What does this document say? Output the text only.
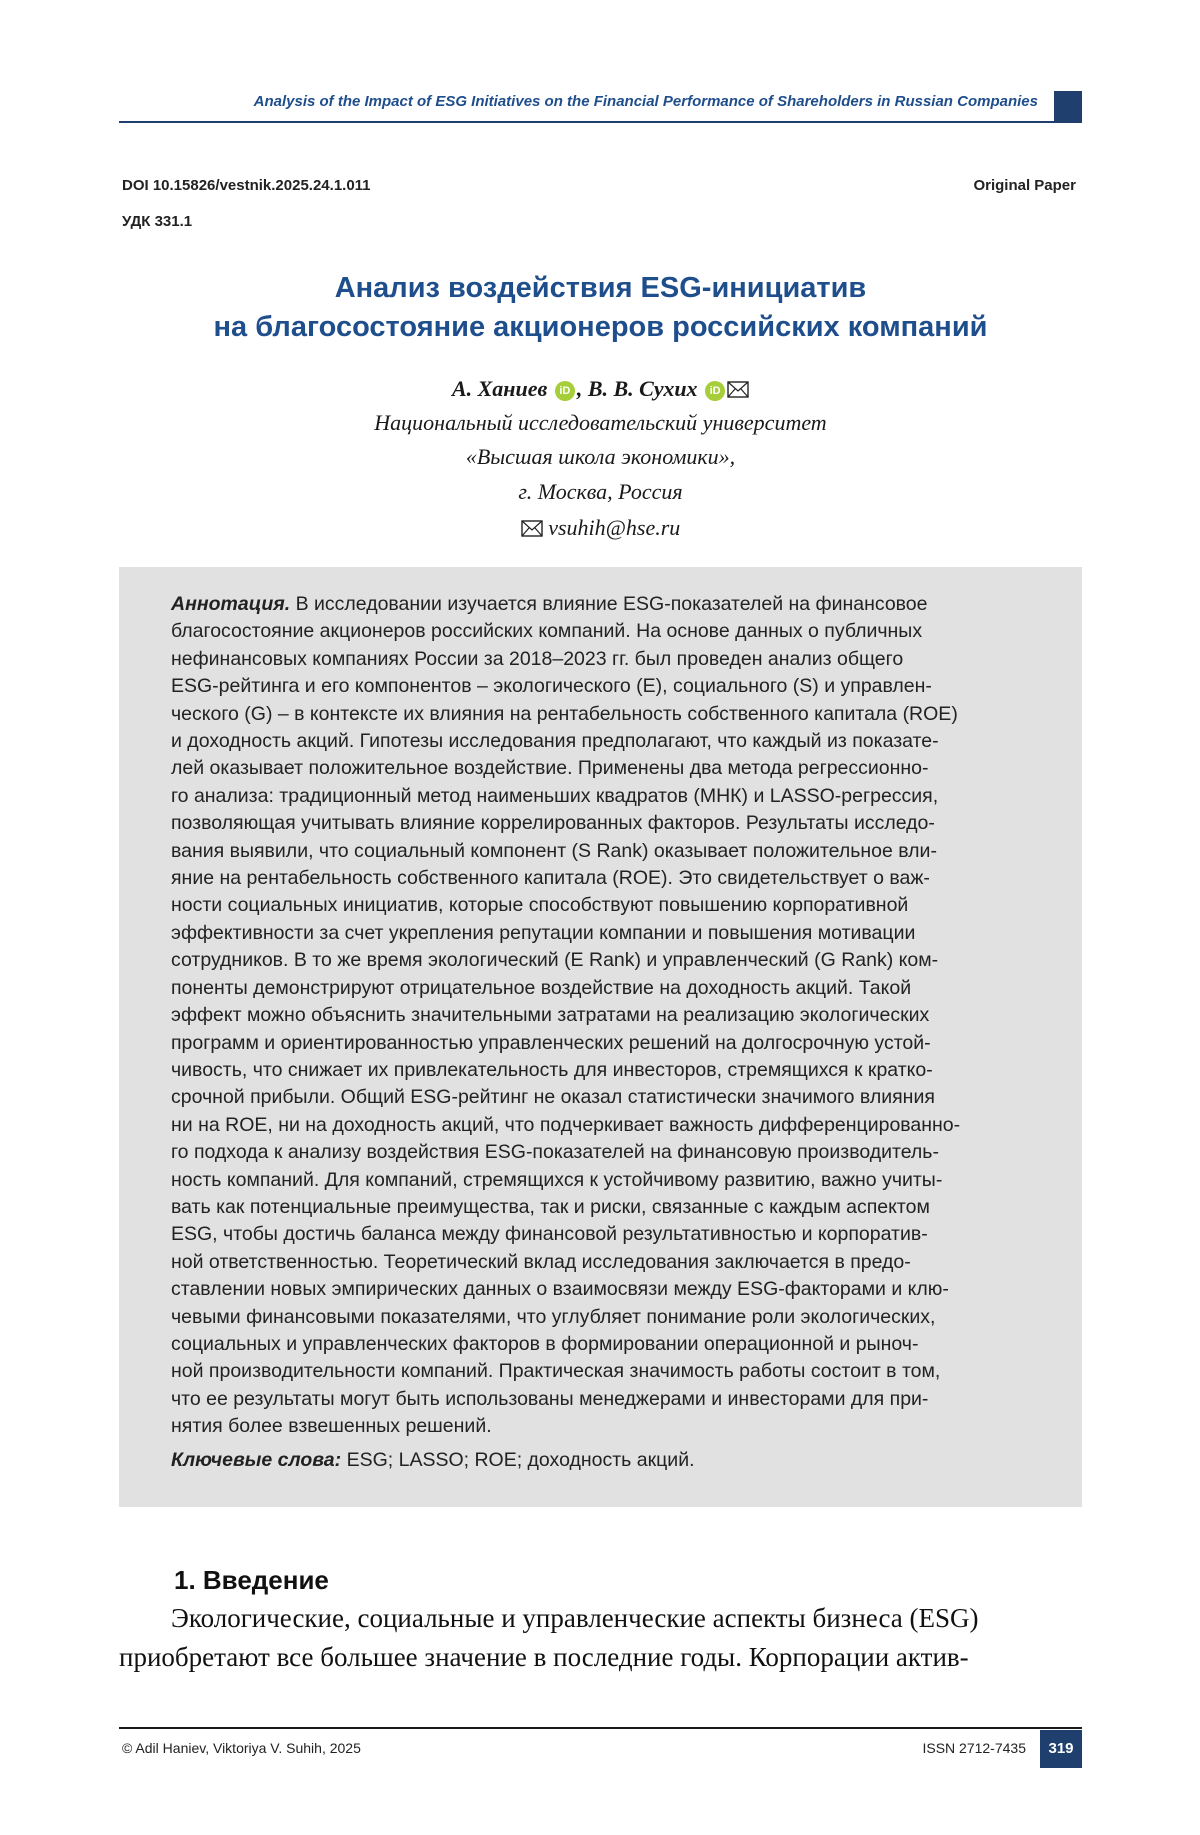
Analysis of the Impact of ESG Initiatives on the Financial Performance of Shareholders in Russian Companies
DOI 10.15826/vestnik.2025.24.1.011
УДК 331.1
Original Paper
Анализ воздействия ESG-инициатив
на благосостояние акционеров российских компаний
А. Ханиев iD , В. В. Сухих iD
Национальный исследовательский университет
«Высшая школа экономики»,
г. Москва, Россия
vsuhih@hse.ru
Аннотация. В исследовании изучается влияние ESG-показателей на финансовое
благосостояние акционеров российских компаний. На основе данных о публичных
нефинансовых компаниях России за 2018–2023 гг. был проведен анализ общего
ESG-рейтинга и его компонентов – экологического (E), социального (S) и управлен-
ческого (G) – в контексте их влияния на рентабельность собственного капитала (ROE)
и доходность акций. Гипотезы исследования предполагают, что каждый из показате-
лей оказывает положительное воздействие. Применены два метода регрессионно-
го анализа: традиционный метод наименьших квадратов (МНК) и LASSO-регрессия,
позволяющая учитывать влияние коррелированных факторов. Результаты исследо-
вания выявили, что социальный компонент (S Rank) оказывает положительное вли-
яние на рентабельность собственного капитала (ROE). Это свидетельствует о важ-
ности социальных инициатив, которые способствуют повышению корпоративной
эффективности за счет укрепления репутации компании и повышения мотивации
сотрудников. В то же время экологический (E Rank) и управленческий (G Rank) ком-
поненты демонстрируют отрицательное воздействие на доходность акций. Такой
эффект можно объяснить значительными затратами на реализацию экологических
программ и ориентированностью управленческих решений на долгосрочную устой-
чивость, что снижает их привлекательность для инвесторов, стремящихся к кратко-
срочной прибыли. Общий ESG-рейтинг не оказал статистически значимого влияния
ни на ROE, ни на доходность акций, что подчеркивает важность дифференцированно-
го подхода к анализу воздействия ESG-показателей на финансовую производитель-
ность компаний. Для компаний, стремящихся к устойчивому развитию, важно учиты-
вать как потенциальные преимущества, так и риски, связанные с каждым аспектом
ESG, чтобы достичь баланса между финансовой результативностью и корпоратив-
ной ответственностью. Теоретический вклад исследования заключается в предо-
ставлении новых эмпирических данных о взаимосвязи между ESG-факторами и клю-
чевыми финансовыми показателями, что углубляет понимание роли экологических,
социальных и управленческих факторов в формировании операционной и рыноч-
ной производительности компаний. Практическая значимость работы состоит в том,
что ее результаты могут быть использованы менеджерами и инвесторами для при-
нятия более взвешенных решений.
Ключевые слова: ESG; LASSO; ROE; доходность акций.
1. Введение
Экологические, социальные и управленческие аспекты бизнеса (ESG)
приобретают все большее значение в последние годы. Корпорации актив-
© Adil Haniev, Viktoriya V. Suhih, 2025	ISSN 2712-7435	319
